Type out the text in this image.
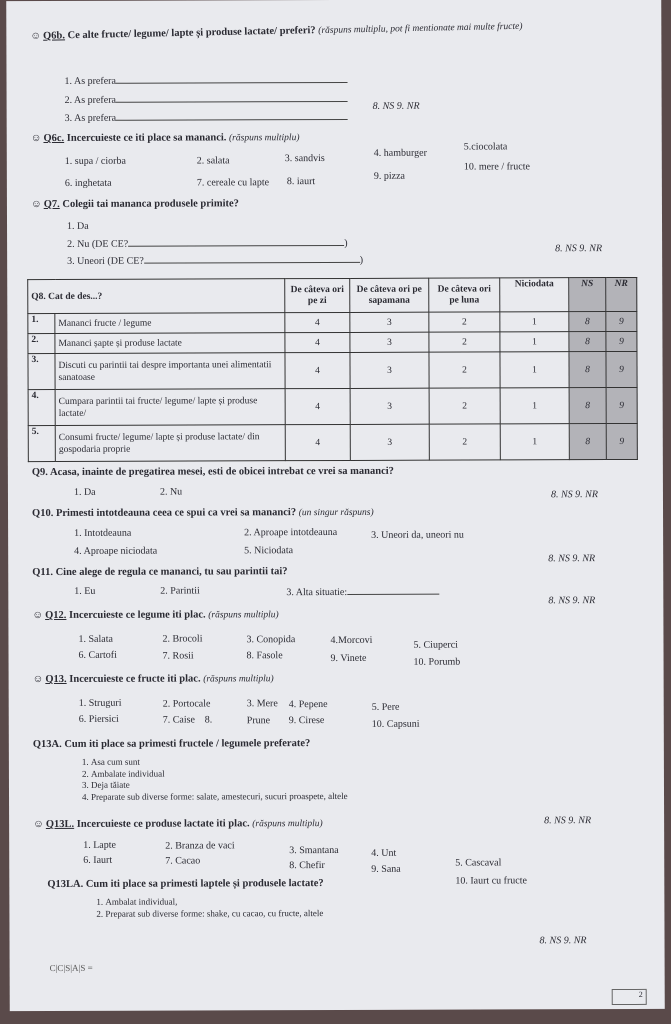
☺ Q6b. Ce alte fructe/ legume/ lapte și produse lactate/ preferi? (răspuns multiplu, pot fi mentionate mai multe fructe)
1. As prefera
2. As prefera
3. As prefera
8. NS 9. NR
☺ Q6c. Incercuieste ce iti place sa mananci. (răspuns multiplu)
1. supa / ciorba	2. salata	3. sandvis	4. hamburger
5.ciocolata
6. inghetata	7. cereale cu lapte 8. iaurt	9. pizza
10. mere / fructe
☺ Q7. Colegii tai mananca produsele primite?
1. Da
2. Nu (DE CE?	)
3. Uneori (DE CE?	)
8. NS 9. NR
Q8. Cat de des...?		De câteva ori pe zi	De câteva ori pe sapamana	De câteva ori pe luna	Niciodata	NS	NR
1.	Mananci fructe / legume	4	3	2	1	8	9
2.	Mananci șapte și produse lactate	4	3	2	1	8	9
3.	Discuti cu parintii tai despre importanta unei alimentatii sanatoase	4	3	2	1	8	9
4.	Cumpara parintii tai fructe/ legume/ lapte și produse lactate/	4	3	2	1	8	9
5.	Consumi fructe/ legume/ lapte și produse lactate/ din gospodaria proprie	4	3	2	1	8	9
Q9. Acasa, inainte de pregatirea mesei, esti de obicei intrebat ce vrei sa mananci?
1. Da	2. Nu	8. NS 9. NR
Q10. Primesti intotdeauna ceea ce spui ca vrei sa mananci? (un singur răspuns)
1. Intotdeauna	2. Aproape intotdeauna	3. Uneori da, uneori nu
4. Aproape niciodata	5. Niciodata
8. NS 9. NR
Q11. Cine alege de regula ce mananci, tu sau parintii tai?
1. Eu	2. Parintii	3. Alta situatie:
8. NS 9. NR
☺ Q12. Incercuieste ce legume iti plac. (răspuns multiplu)
1. Salata	2. Brocoli	3. Conopida	4.Morcovi	5. Ciuperci
6. Cartofi	7. Rosii	8. Fasole	9. Vinete	10. Porumb
☺ Q13. Incercuieste ce fructe iti plac. (răspuns multiplu)
1. Struguri	2. Portocale	3. Mere 4. Pepene	5. Pere
6. Piersici	7. Caise 8.	Prune 9. Cirese	10. Capsuni
Q13A. Cum iti place sa primesti fructele / legumele preferate?
1. Asa cum sunt
2. Ambalate individual
3. Deja tăiate
4. Preparate sub diverse forme: salate, amestecuri, sucuri proaspete, altele
8. NS 9. NR
☺ Q13L. Incercuieste ce produse lactate iti plac. (răspuns multiplu)
1. Lapte	2. Branza de vaci	3. Smantana	4. Unt
5. Cascaval
6. Iaurt	7. Cacao	8. Chefir	9. Sana
10. Iaurt cu fructe
Q13LA. Cum iti place sa primesti laptele și produsele lactate?
1. Ambalat individual,
2. Preparat sub diverse forme: shake, cu cacao, cu fructe, altele
8. NS 9. NR
C|C|S|A|S =
2
